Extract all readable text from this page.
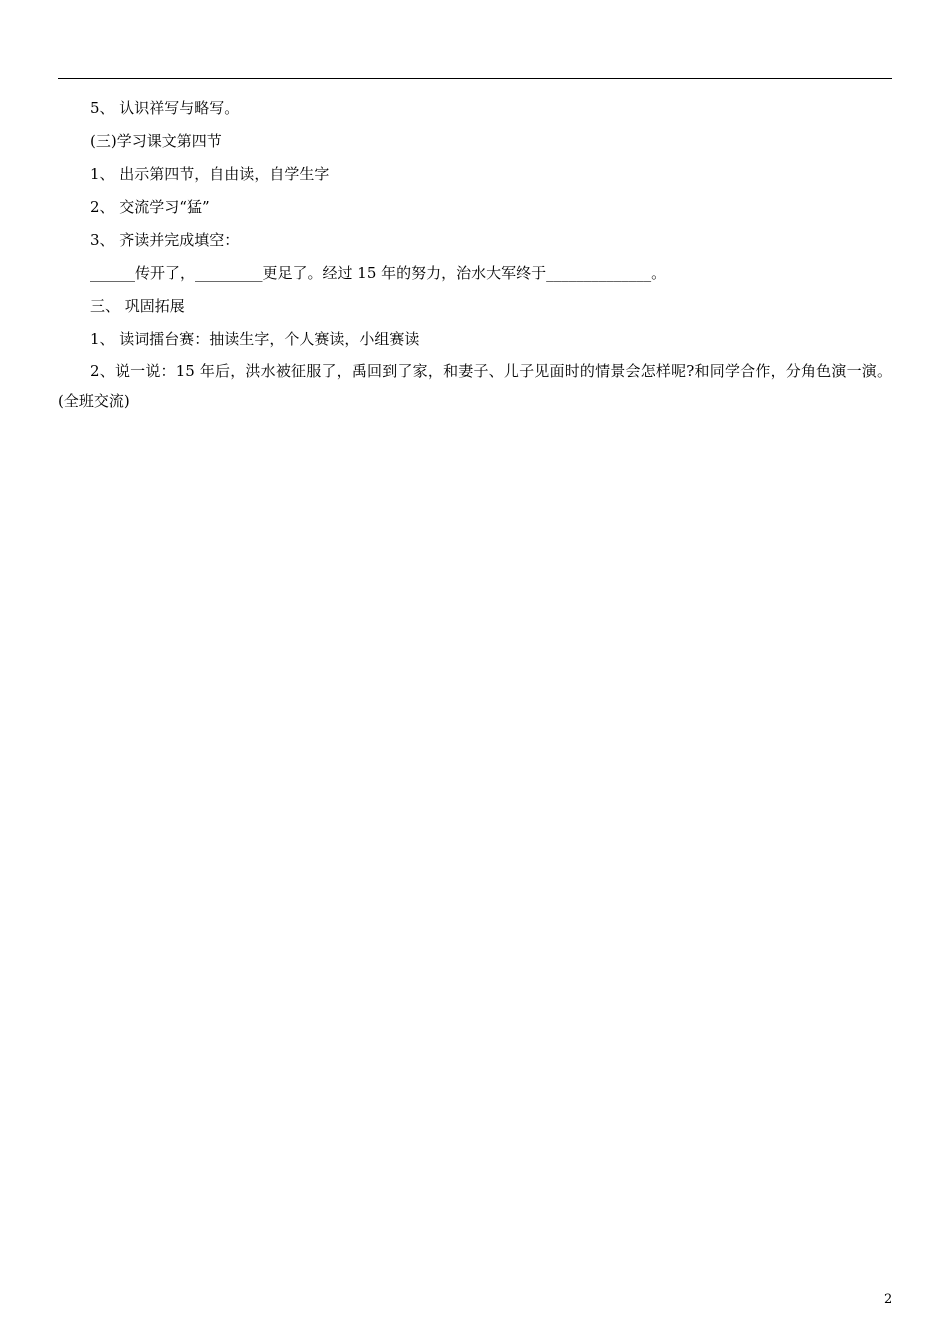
5、 认识祥写与略写。
(三)学习课文第四节
1、 出示第四节，自由读，自学生字
2、 交流学习“猛”
3、 齐读并完成填空：
______传开了，_________更足了。经过 15 年的努力，治水大军终于______________。
三、 巩固拓展
1、 读词擂台赛：抽读生字，个人赛读，小组赛读
2、说一说：15 年后，洪水被征服了，禹回到了家，和妻子、儿子见面时的情景会怎样呢?和同学合作，分角色演一演。 (全班交流)
2
